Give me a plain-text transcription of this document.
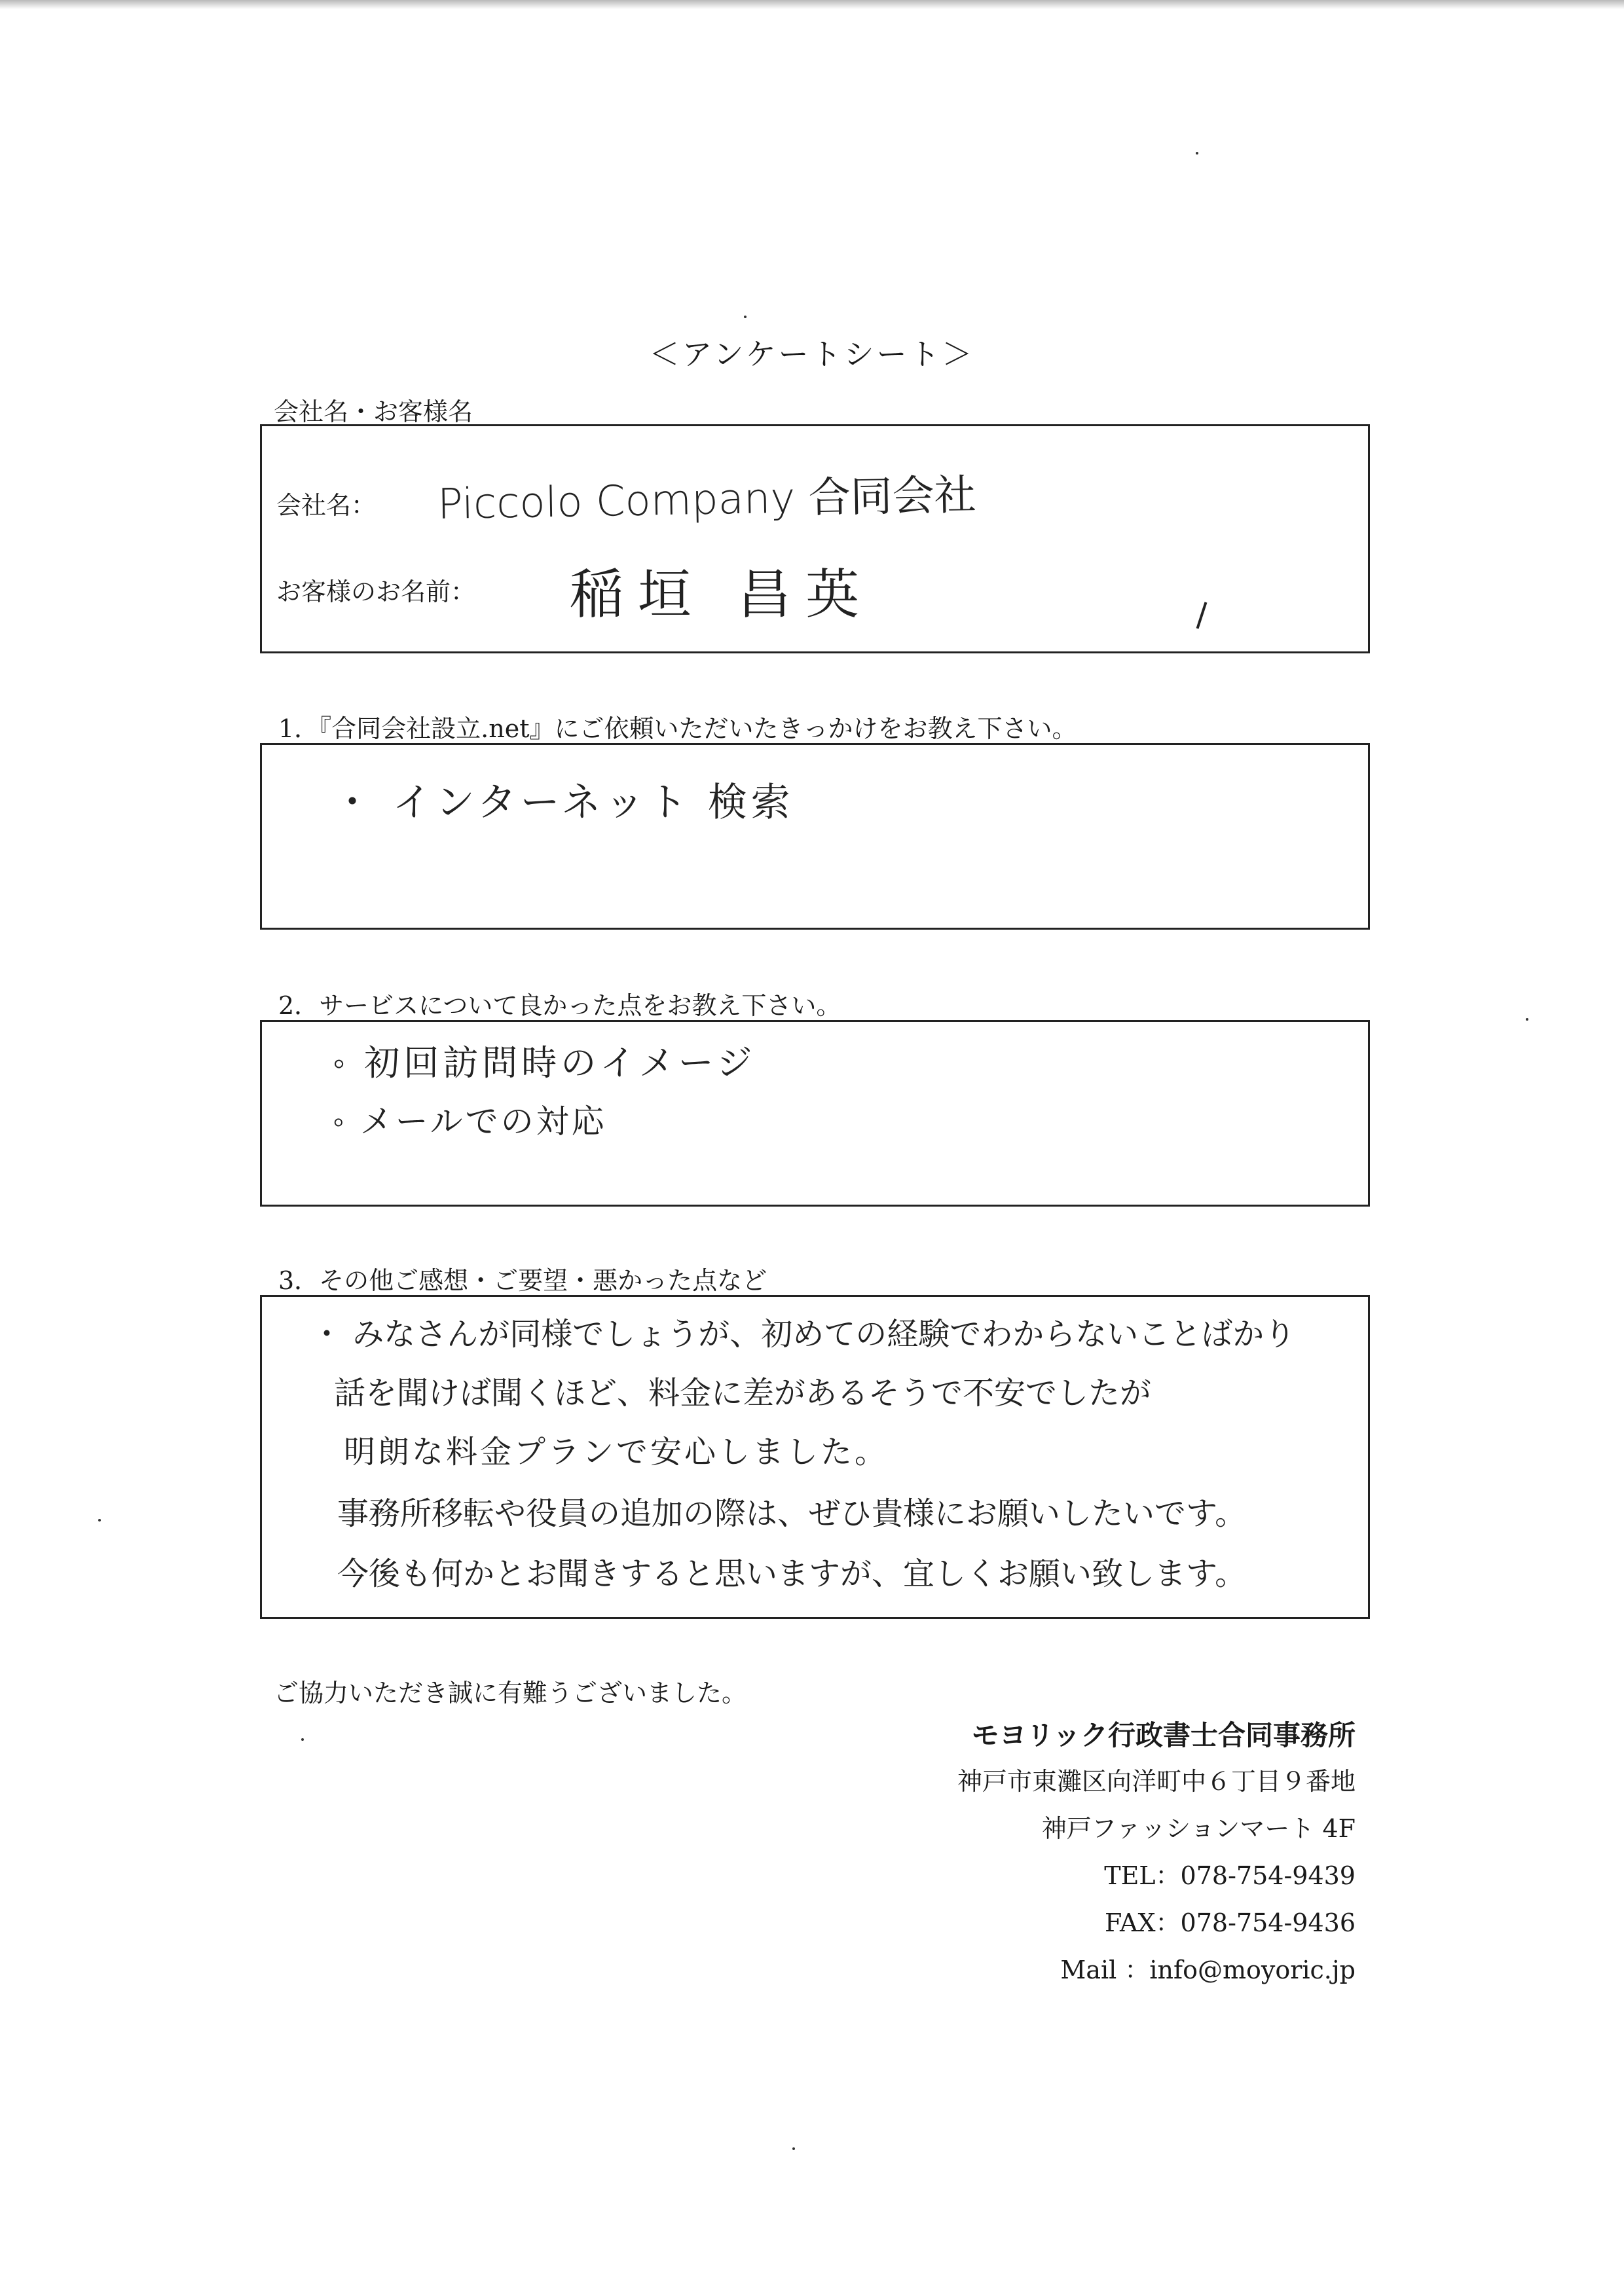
＜アンケートシート＞
会社名・お客様名
会社名： Piccolo Company 合同会社
お客様のお名前： 稲垣 昌英
1．『合同会社設立.net』にご依頼いただいたきっかけをお教え下さい。
・ インターネット 検索
2．サービスについて良かった点をお教え下さい。
◦ 初回訪問時のイメージ
◦ メールでの対応
3．その他ご感想・ご要望・悪かった点など
・ みなさんが同様でしょうが、初めての経験でわからないことばかり
話を聞けば聞くほど、料金に差があるそうで不安でしたが
明朗な料金プランで安心しました。
事務所移転や役員の追加の際は、ぜひ貴様にお願いしたいです。
今後も何かとお聞きすると思いますが、宜しくお願い致します。
ご協力いただき誠に有難うございました。
モヨリック行政書士合同事務所
神戸市東灘区向洋町中６丁目９番地
神戸ファッションマート 4F
TEL：078-754-9439
FAX：078-754-9436
Mail ：info@moyoric.jp
